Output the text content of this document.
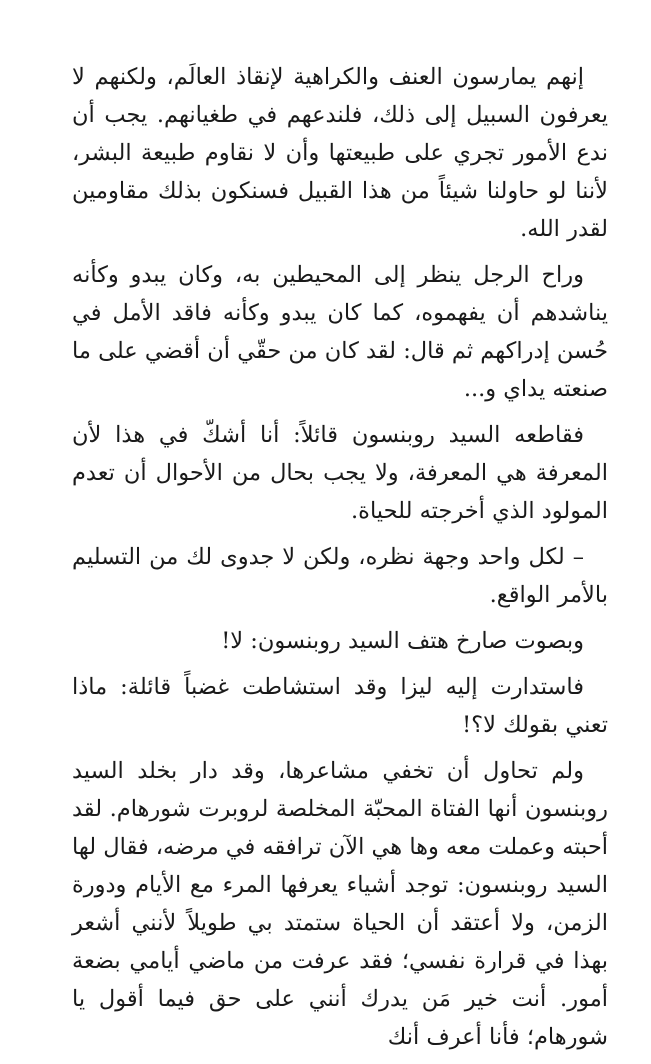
إنهم يمارسون العنف والكراهية لإنقاذ العالَم، ولكنهم لا يعرفون السبيل إلى ذلك، فلندعهم في طغيانهم. يجب أن ندع الأمور تجري على طبيعتها وأن لا نقاوم طبيعة البشر، لأننا لو حاولنا شيئاً من هذا القبيل فسنكون بذلك مقاومين لقدر الله.

وراح الرجل ينظر إلى المحيطين به، وكان يبدو وكأنه يناشدهم أن يفهموه، كما كان يبدو وكأنه فاقد الأمل في حُسن إدراكهم ثم قال: لقد كان من حقّي أن أقضي على ما صنعته يداي و...

فقاطعه السيد روبنسون قائلاً: أنا أشكّ في هذا لأن المعرفة هي المعرفة، ولا يجب بحال من الأحوال أن تعدم المولود الذي أخرجته للحياة.

– لكل واحد وجهة نظره، ولكن لا جدوى لك من التسليم بالأمر الواقع.

وبصوت صارخ هتف السيد روبنسون: لا!

فاستدارت إليه ليزا وقد استشاطت غضباً قائلة: ماذا تعني بقولك لا؟!

ولم تحاول أن تخفي مشاعرها، وقد دار بخلد السيد روبنسون أنها الفتاة المحبّة المخلصة لروبرت شورهام. لقد أحبته وعملت معه وها هي الآن ترافقه في مرضه، فقال لها السيد روبنسون: توجد أشياء يعرفها المرء مع الأيام ودورة الزمن، ولا أعتقد أن الحياة ستمتد بي طويلاً لأنني أشعر بهذا في قرارة نفسي؛ فقد عرفت من ماضي أيامي بضعة أمور. أنت خير مَن يدرك أنني على حق فيما أقول يا شورهام؛ فأنا أعرف أنك
